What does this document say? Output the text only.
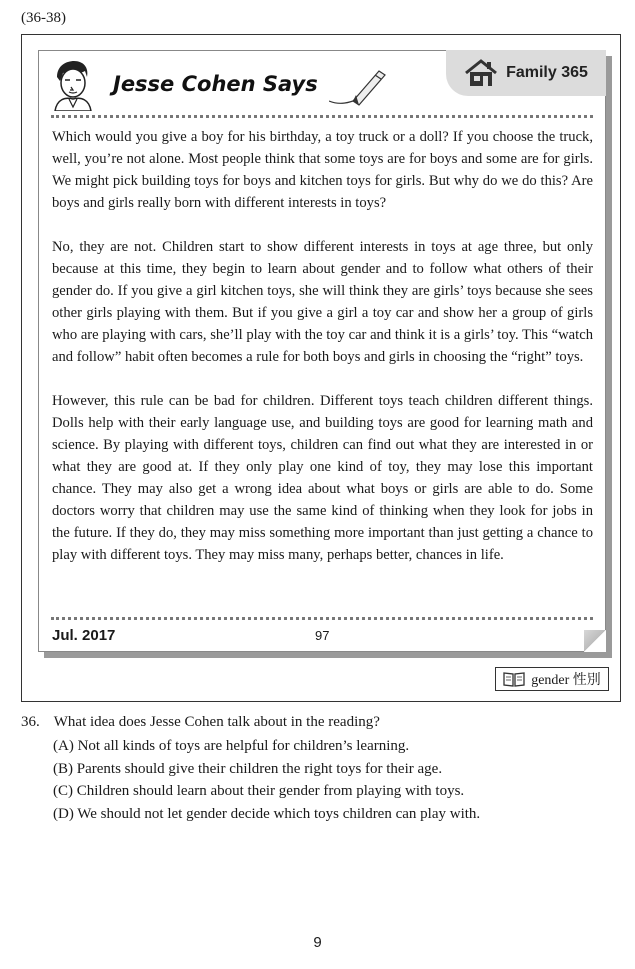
(36-38)
Jesse Cohen Says	Family 365

Which would you give a boy for his birthday, a toy truck or a doll? If you choose the truck, well, you’re not alone. Most people think that some toys are for boys and some are for girls. We might pick building toys for boys and kitchen toys for girls. But why do we do this? Are boys and girls really born with different interests in toys?

No, they are not. Children start to show different interests in toys at age three, but only because at this time, they begin to learn about gender and to follow what others of their gender do. If you give a girl kitchen toys, she will think they are girls’ toys because she sees other girls playing with them. But if you give a girl a toy car and show her a group of girls who are playing with cars, she’ll play with the toy car and think it is a girls’ toy. This “watch and follow” habit often becomes a rule for both boys and girls in choosing the “right” toys.

However, this rule can be bad for children. Different toys teach children different things. Dolls help with their early language use, and building toys are good for learning math and science. By playing with different toys, children can find out what they are interested in or what they are good at. If they only play one kind of toy, they may lose this important chance. They may also get a wrong idea about what boys or girls are able to do. Some doctors worry that children may use the same kind of thinking when they look for jobs in the future. If they do, they may miss something more important than just getting a chance to play with different toys. They may miss many, perhaps better, chances in life.

Jul. 2017	97
gender 性別
36. What idea does Jesse Cohen talk about in the reading?
(A) Not all kinds of toys are helpful for children’s learning.
(B) Parents should give their children the right toys for their age.
(C) Children should learn about their gender from playing with toys.
(D) We should not let gender decide which toys children can play with.
9
